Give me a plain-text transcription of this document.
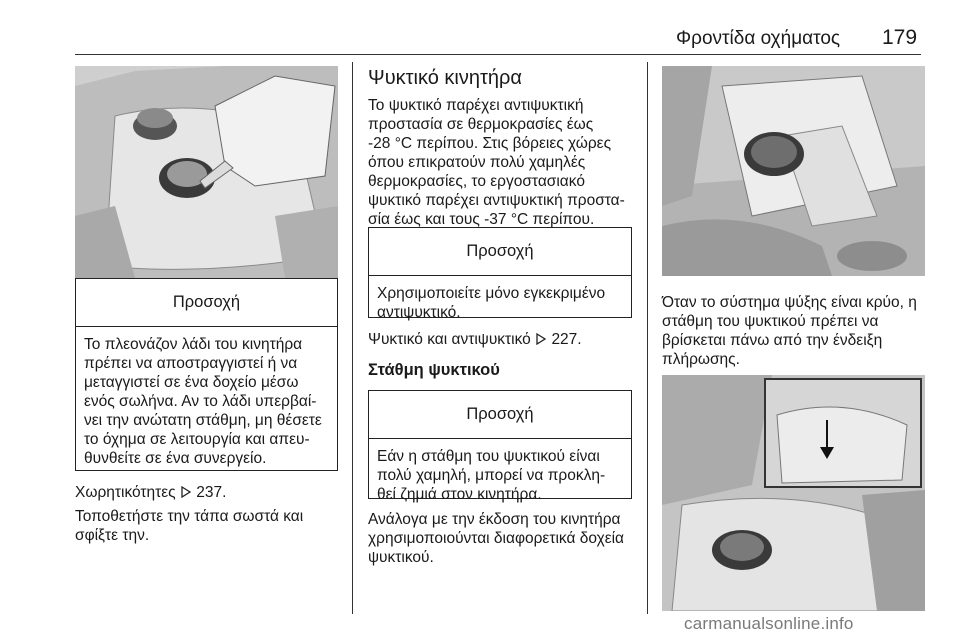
Φροντίδα οχήματος 179
Προσοχή
Το πλεονάζον λάδι του κινητήρα
πρέπει να αποστραγγιστεί ή να
μεταγγιστεί σε ένα δοχείο μέσω
ενός σωλήνα. Αν το λάδι υπερβαί-
νει την ανώτατη στάθμη, μη θέσετε
το όχημα σε λειτουργία και απευ-
θυνθείτε σε ένα συνεργείο.
Χωρητικότητες 237.
Τοποθετήστε την τάπα σωστά και
σφίξτε την.
Ψυκτικό κινητήρα
Το ψυκτικό παρέχει αντιψυκτική
προστασία σε θερμοκρασίες έως
-28 °C περίπου. Στις βόρειες χώρες
όπου επικρατούν πολύ χαμηλές
θερμοκρασίες, το εργοστασιακό
ψυκτικό παρέχει αντιψυκτική προστα-
σία έως και τους -37 °C περίπου.
Προσοχή
Χρησιμοποιείτε μόνο εγκεκριμένο
αντιψυκτικό.
Ψυκτικό και αντιψυκτικό 227.
Στάθμη ψυκτικού
Προσοχή
Εάν η στάθμη του ψυκτικού είναι
πολύ χαμηλή, μπορεί να προκλη-
θεί ζημιά στον κινητήρα.
Ανάλογα με την έκδοση του κινητήρα
χρησιμοποιούνται διαφορετικά δοχεία
ψυκτικού.
Όταν το σύστημα ψύξης είναι κρύο, η
στάθμη του ψυκτικού πρέπει να
βρίσκεται πάνω από την ένδειξη
πλήρωσης.
carmanualsonline.info
